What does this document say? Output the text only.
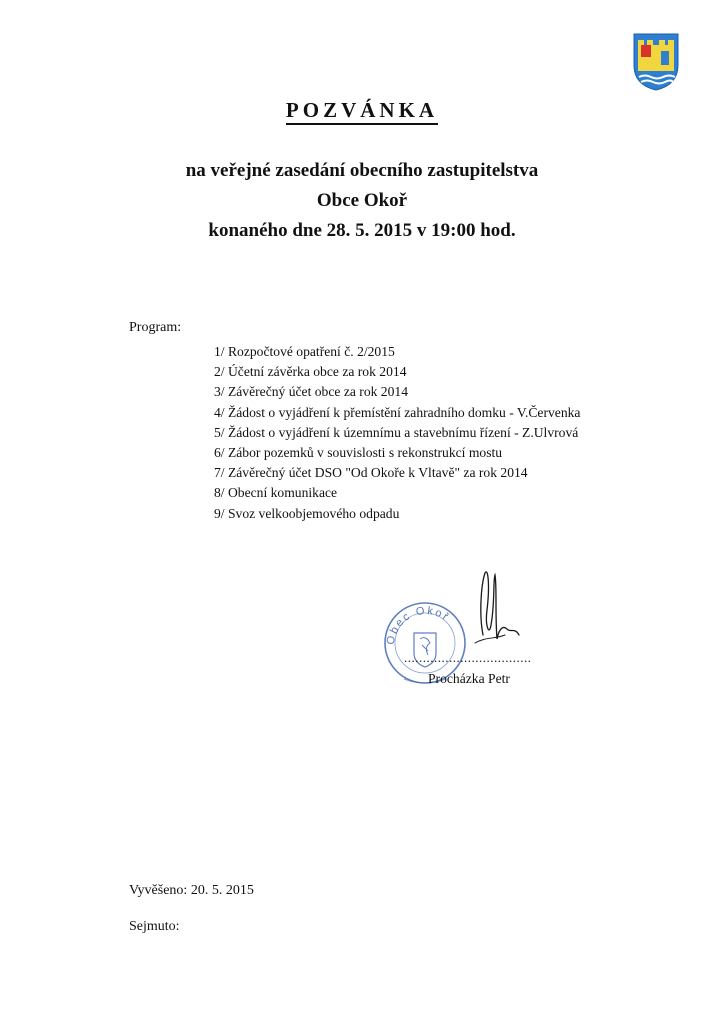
POZVÁNKA
na veřejné zasedání obecního zastupitelstva
Obce Okoř
konaného dne 28. 5. 2015 v 19:00 hod.
Program:
1/ Rozpočtové opatření č. 2/2015
2/ Účetní závěrka obce za rok 2014
3/ Závěrečný účet obce za rok 2014
4/ Žádost o vyjádření k přemístění zahradního domku - V.Červenka
5/ Žádost o vyjádření k územnímu a stavebnímu řízení - Z.Ulvrová
6/ Zábor pozemků v souvislosti s rekonstrukcí mostu
7/ Závěrečný účet DSO "Od Okoře k Vltavě" za rok 2014
8/ Obecní komunikace
9/ Svoz velkoobjemového odpadu
Obec Okoř
..................................
Procházka Petr
Vyvěšeno: 20. 5. 2015
Sejmuto:
